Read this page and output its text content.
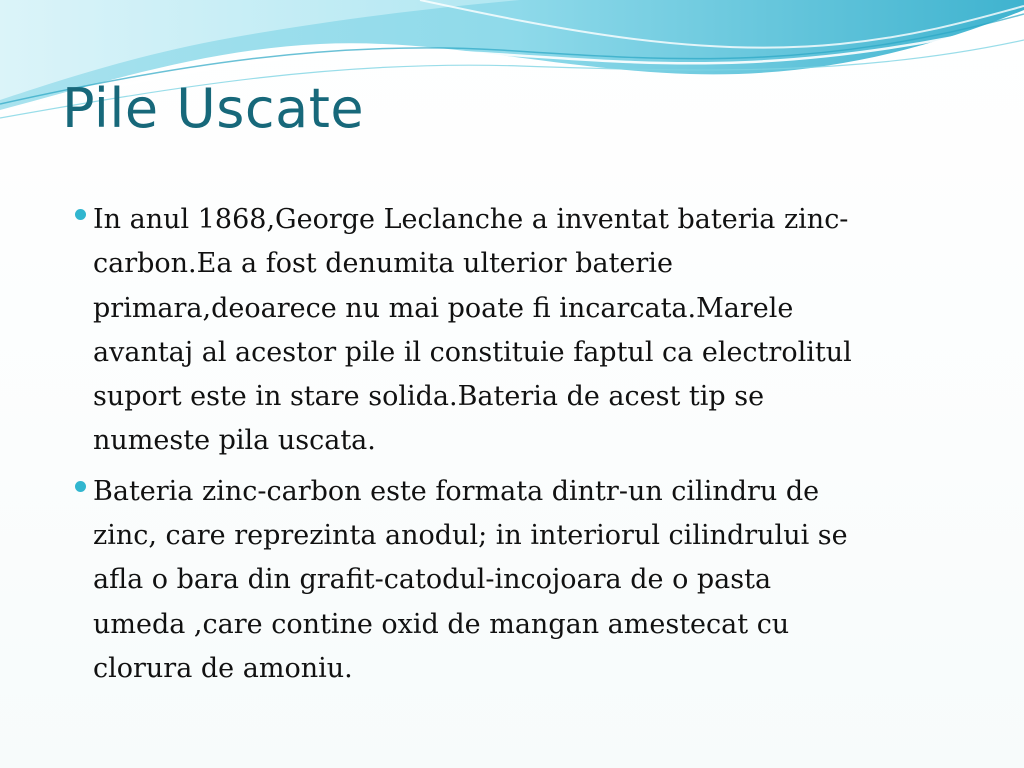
Pile Uscate
In anul 1868,George Leclanche a inventat bateria zinc-
carbon.Ea a fost denumita ulterior baterie
primara,deoarece nu mai poate fi incarcata.Marele
avantaj al acestor pile il constituie faptul ca electrolitul
suport este in stare solida.Bateria de acest tip se
numeste pila uscata.
Bateria zinc-carbon este formata dintr-un cilindru de
zinc, care reprezinta anodul; in interiorul cilindrului se
afla o bara din grafit-catodul-incojoara de o pasta
umeda ,care contine oxid de mangan amestecat cu
clorura de amoniu.
